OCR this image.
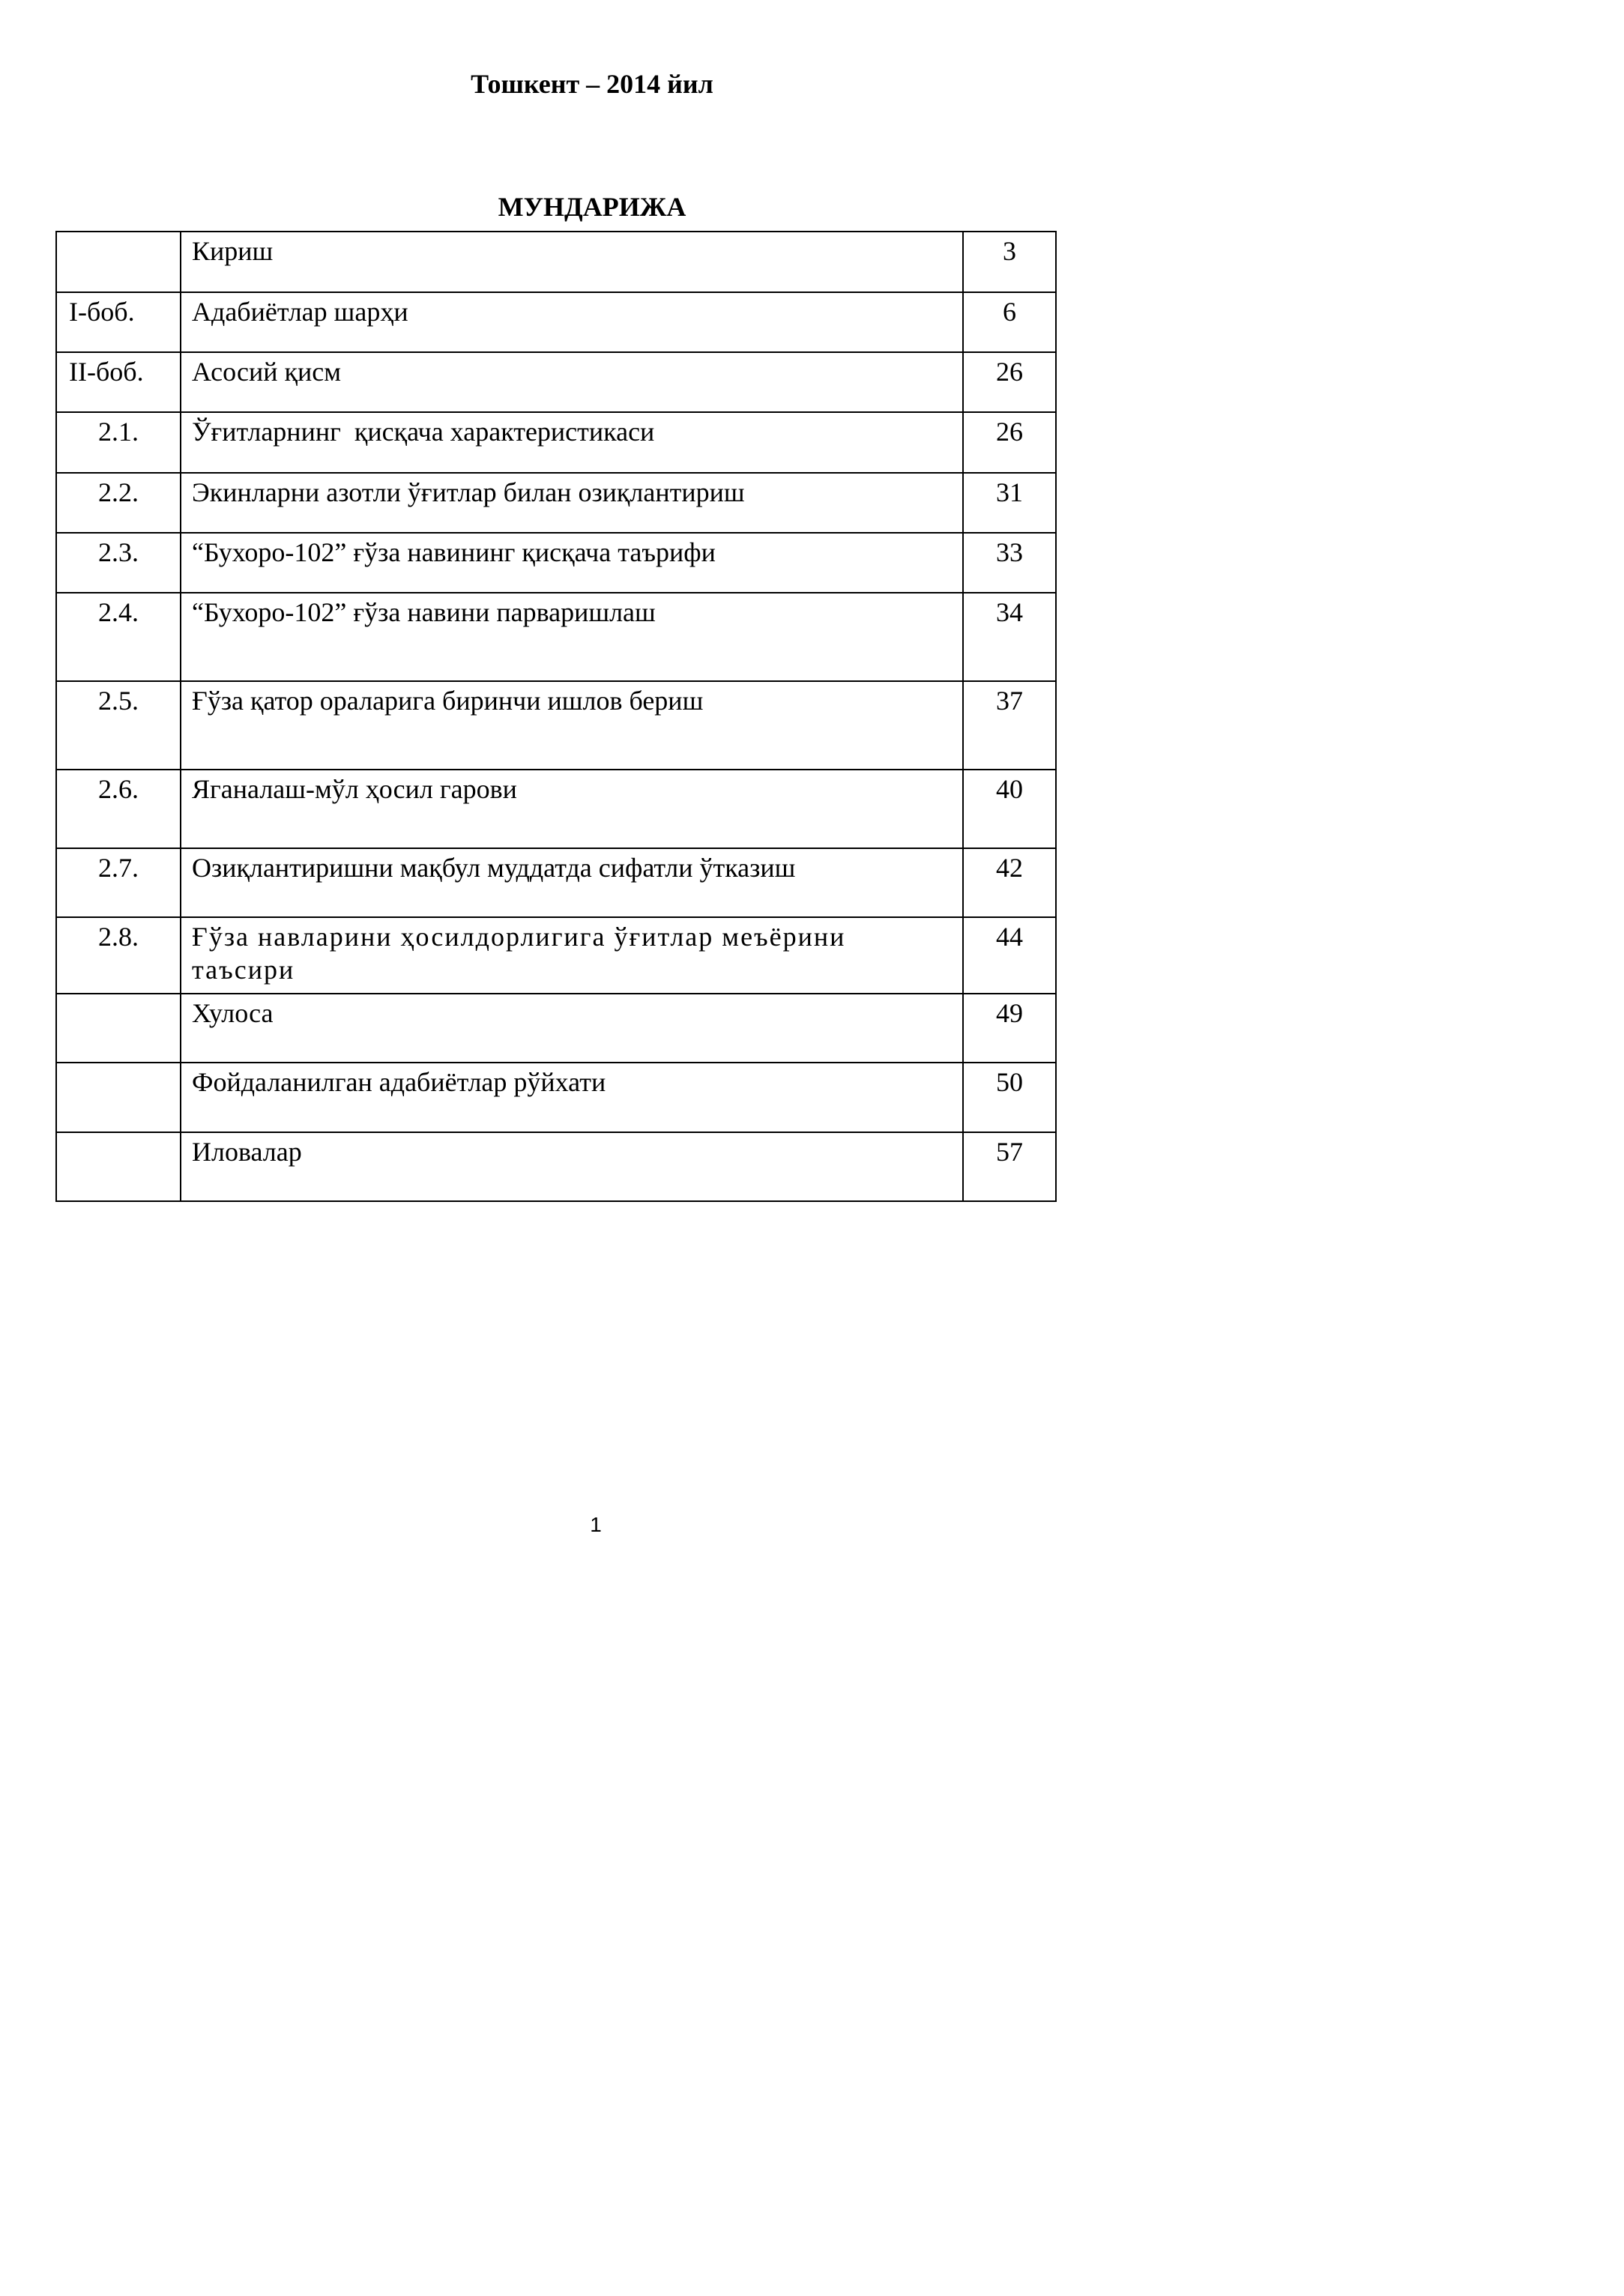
Тошкент – 2014 йил
МУНДАРИЖА
	Кириш	3
I-боб.	Адабиётлар шарҳи	6
II-боб.	Асосий қисм	26
2.1.	Ўғитларнинг  қисқача характеристикаси	26
2.2.	Экинларни азотли ўғитлар билан озиқлантириш	31
2.3.	“Бухоро-102” ғўза навининг қисқача таърифи	33
2.4.	“Бухоро-102” ғўза навини парваришлаш	34
2.5.	Ғўза қатор ораларига биринчи ишлов бериш	37
2.6.	Яганалаш-мўл ҳосил гарови	40
2.7.	Озиқлантиришни мақбул муддатда сифатли ўтказиш	42
2.8.	Ғўза навларини ҳосилдорлигига ўғитлар меъёрини таъсири	44
	Хулоса	49
	Фойдаланилган адабиётлар рўйхати	50
	Иловалар	57
1
